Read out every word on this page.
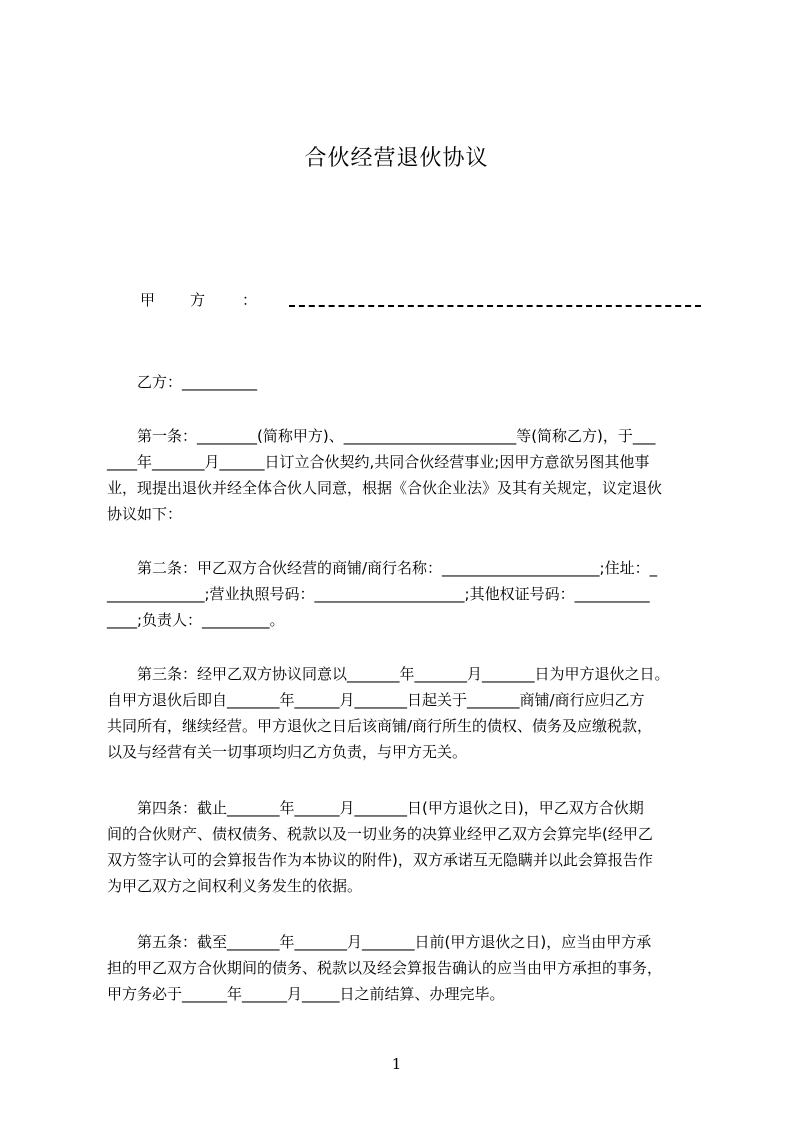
合伙经营退伙协议
甲 方 ：
乙方：__________
第一条：________(简称甲方)、_______________________等(简称乙方)，于___
____年_______月______日订立合伙契约,共同合伙经营事业;因甲方意欲另图其他事
业，现提出退伙并经全体合伙人同意，根据《合伙企业法》及其有关规定，议定退伙
协议如下：
第二条：甲乙双方合伙经营的商铺/商行名称：_____________________;住址：_
_____________;营业执照号码：____________________;其他权证号码：__________
____;负责人：_________。
第三条：经甲乙双方协议同意以_______年_______月_______日为甲方退伙之日。
自甲方退伙后即自_______年______月_______日起关于_______商铺/商行应归乙方
共同所有，继续经营。甲方退伙之日后该商铺/商行所生的债权、债务及应缴税款，
以及与经营有关一切事项均归乙方负责，与甲方无关。
第四条：截止_______年______月_______日(甲方退伙之日)，甲乙双方合伙期
间的合伙财产、债权债务、税款以及一切业务的决算业经甲乙双方会算完毕(经甲乙
双方签字认可的会算报告作为本协议的附件)，双方承诺互无隐瞒并以此会算报告作
为甲乙双方之间权利义务发生的依据。
第五条：截至_______年_______月_______日前(甲方退伙之日)，应当由甲方承
担的甲乙双方合伙期间的债务、税款以及经会算报告确认的应当由甲方承担的事务，
甲方务必于______年______月_____日之前结算、办理完毕。
1
